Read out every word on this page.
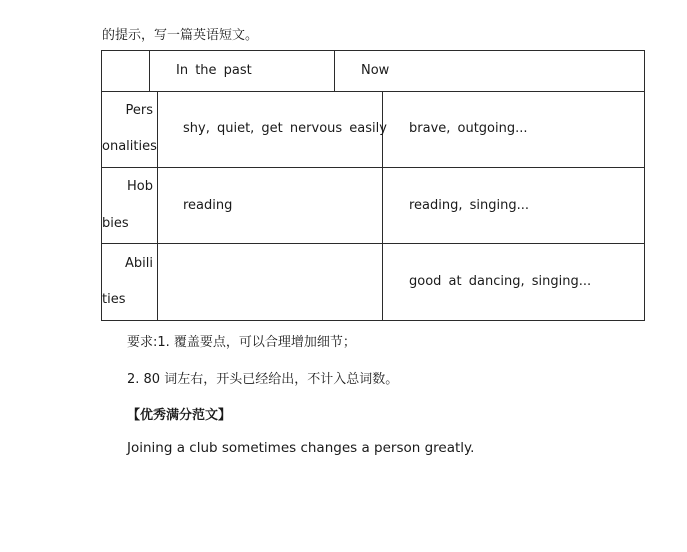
的提示，写一篇英语短文。
In the past	Now
Pers
onalities
shy, quiet, get nervous easily brave, outgoing...
Hob
bies
reading	reading, singing...
Abili
ties
good at dancing, singing...
要求:1. 覆盖要点，可以合理增加细节；
2. 80 词左右，开头已经给出，不计入总词数。
【优秀满分范文】
Joining a club sometimes changes a person greatly.
